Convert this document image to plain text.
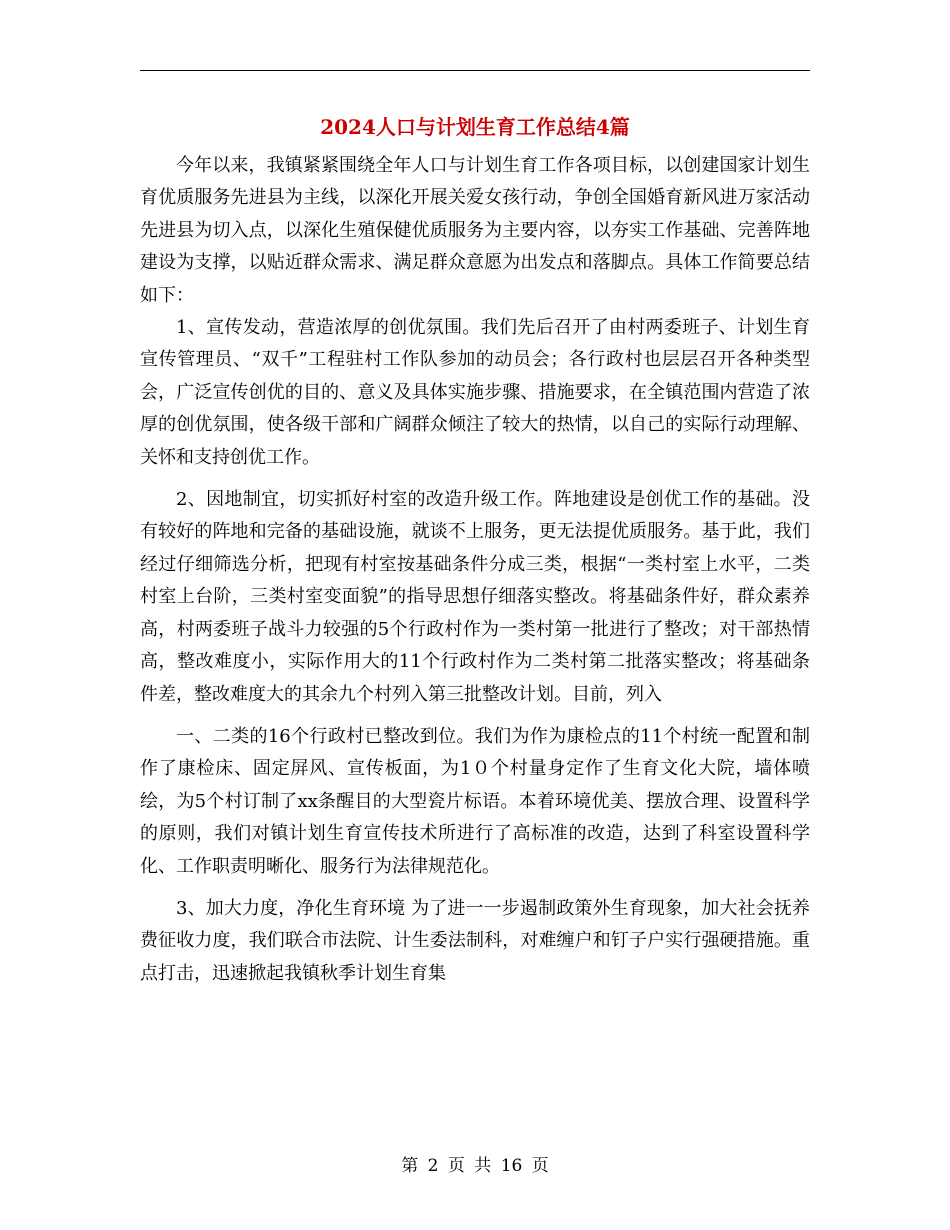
2024人口与计划生育工作总结4篇

今年以来，我镇紧紧围绕全年人口与计划生育工作各项目标，以创建国家计划生育优质服务先进县为主线，以深化开展关爱女孩行动，争创全国婚育新风进万家活动先进县为切入点，以深化生殖保健优质服务为主要内容，以夯实工作基础、完善阵地建设为支撑，以贴近群众需求、满足群众意愿为出发点和落脚点。具体工作简要总结如下：

1、宣传发动，营造浓厚的创优氛围。我们先后召开了由村两委班子、计划生育宣传管理员、“双千”工程驻村工作队参加的动员会；各行政村也层层召开各种类型会，广泛宣传创优的目的、意义及具体实施步骤、措施要求，在全镇范围内营造了浓厚的创优氛围，使各级干部和广阔群众倾注了较大的热情，以自己的实际行动理解、关怀和支持创优工作。

2、因地制宜，切实抓好村室的改造升级工作。阵地建设是创优工作的基础。没有较好的阵地和完备的基础设施，就谈不上服务，更无法提优质服务。基于此，我们经过仔细筛选分析，把现有村室按基础条件分成三类，根据“一类村室上水平，二类村室上台阶，三类村室变面貌”的指导思想仔细落实整改。将基础条件好，群众素养高，村两委班子战斗力较强的5个行政村作为一类村第一批进行了整改；对干部热情高，整改难度小，实际作用大的11个行政村作为二类村第二批落实整改；将基础条件差，整改难度大的其余九个村列入第三批整改计划。目前，列入

一、二类的16个行政村已整改到位。我们为作为康检点的11个村统一配置和制作了康检床、固定屏风、宣传板面，为1０个村量身定作了生育文化大院，墙体喷绘，为5个村订制了xx条醒目的大型瓷片标语。本着环境优美、摆放合理、设置科学的原则，我们对镇计划生育宣传技术所进行了高标准的改造，达到了科室设置科学化、工作职责明晰化、服务行为法律规范化。

3、加大力度，净化生育环境 为了进一一步遏制政策外生育现象，加大社会抚养费征收力度，我们联合市法院、计生委法制科，对难缠户和钉子户实行强硬措施。重点打击，迅速掀起我镇秋季计划生育集

第 2 页 共 16 页
